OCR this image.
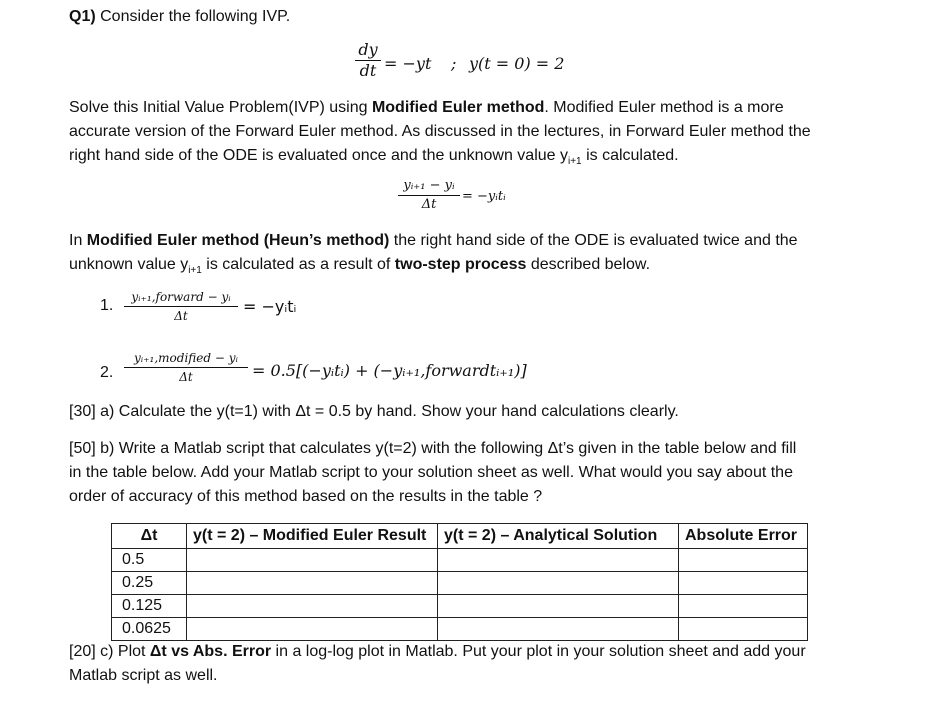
Q1) Consider the following IVP.
$\frac{dy}{dt} = -yt$ ; y(t = 0) = 2
Solve this Initial Value Problem(IVP) using Modified Euler method. Modified Euler method is a more
accurate version of the Forward Euler method. As discussed in the lectures, in Forward Euler method the
right hand side of the ODE is evaluated once and the unknown value $y_{i+1}$ is calculated.
$\frac{\text{yᵢ₊₁ − yᵢ}}{\Delta t}$ = −yᵢtᵢ
In Modified Euler method (Heun’s method) the right hand side of the ODE is evaluated twice and the
unknown value $y_{i+1}$ is calculated as a result of two-step process described below.
1.	yᵢ₊₁,forward − yᵢ
Δt	= −yᵢtᵢ
2.
yᵢ₊₁,modified − yᵢ
Δt	= 0.5[(−yᵢtᵢ) + (−yᵢ₊₁,forwardtᵢ₊₁)]
[30] a) Calculate the y(t=1) with Δt = 0.5 by hand. Show your hand calculations clearly.
[50] b) Write a Matlab script that calculates y(t=2) with the following Δt’s given in the table below and fill
in the table below. Add your Matlab script to your solution sheet as well. What would you say about the
order of accuracy of this method based on the results in the table ?
Δt	y(t = 2) – Modified Euler Result	y(t = 2) – Analytical Solution	Absolute Error
0.5			
0.25			
0.125			
0.0625			
[20] c) Plot Δt vs Abs. Error in a log-log plot in Matlab. Put your plot in your solution sheet and add your
Matlab script as well.
